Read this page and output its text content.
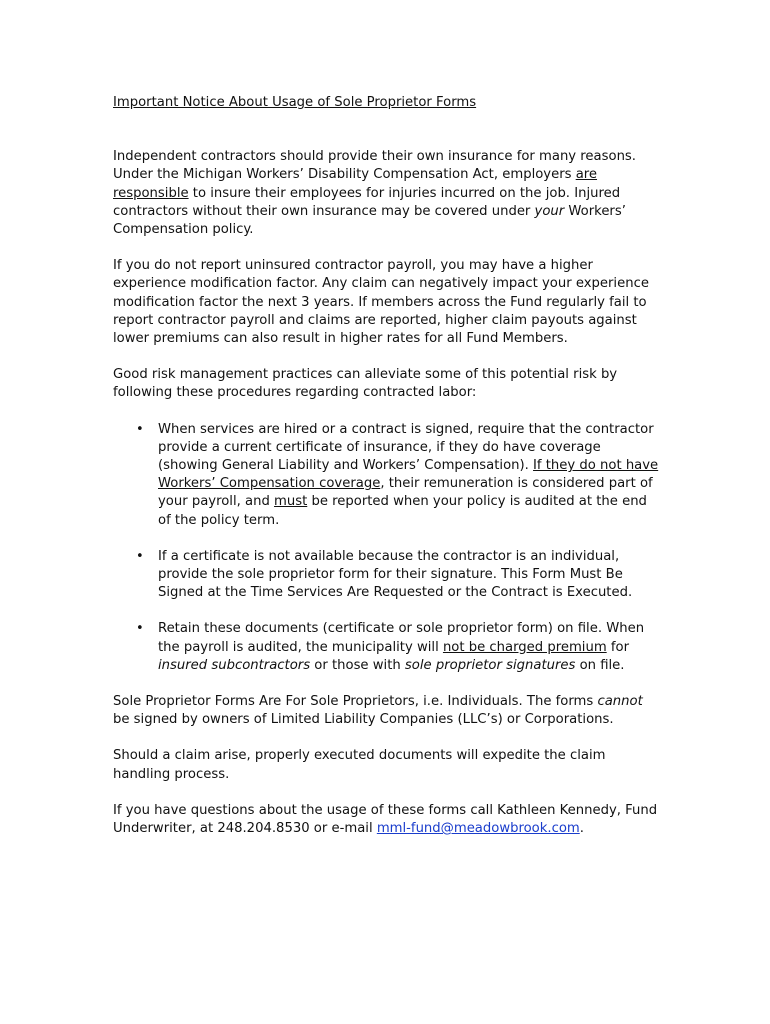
Important Notice About Usage of Sole Proprietor Forms

Independent contractors should provide their own insurance for many reasons. Under the Michigan Workers’ Disability Compensation Act, employers are responsible to insure their employees for injuries incurred on the job. Injured contractors without their own insurance may be covered under your Workers’ Compensation policy.

If you do not report uninsured contractor payroll, you may have a higher experience modification factor. Any claim can negatively impact your experience modification factor the next 3 years. If members across the Fund regularly fail to report contractor payroll and claims are reported, higher claim payouts against lower premiums can also result in higher rates for all Fund Members.

Good risk management practices can alleviate some of this potential risk by following these procedures regarding contracted labor:

• When services are hired or a contract is signed, require that the contractor provide a current certificate of insurance, if they do have coverage (showing General Liability and Workers’ Compensation). If they do not have Workers’ Compensation coverage, their remuneration is considered part of your payroll, and must be reported when your policy is audited at the end of the policy term.
• If a certificate is not available because the contractor is an individual, provide the sole proprietor form for their signature. This Form Must Be Signed at the Time Services Are Requested or the Contract is Executed.
• Retain these documents (certificate or sole proprietor form) on file. When the payroll is audited, the municipality will not be charged premium for insured subcontractors or those with sole proprietor signatures on file.

Sole Proprietor Forms Are For Sole Proprietors, i.e. Individuals. The forms cannot be signed by owners of Limited Liability Companies (LLC’s) or Corporations.

Should a claim arise, properly executed documents will expedite the claim handling process.

If you have questions about the usage of these forms call Kathleen Kennedy, Fund Underwriter, at 248.204.8530 or e-mail mml-fund@meadowbrook.com.
